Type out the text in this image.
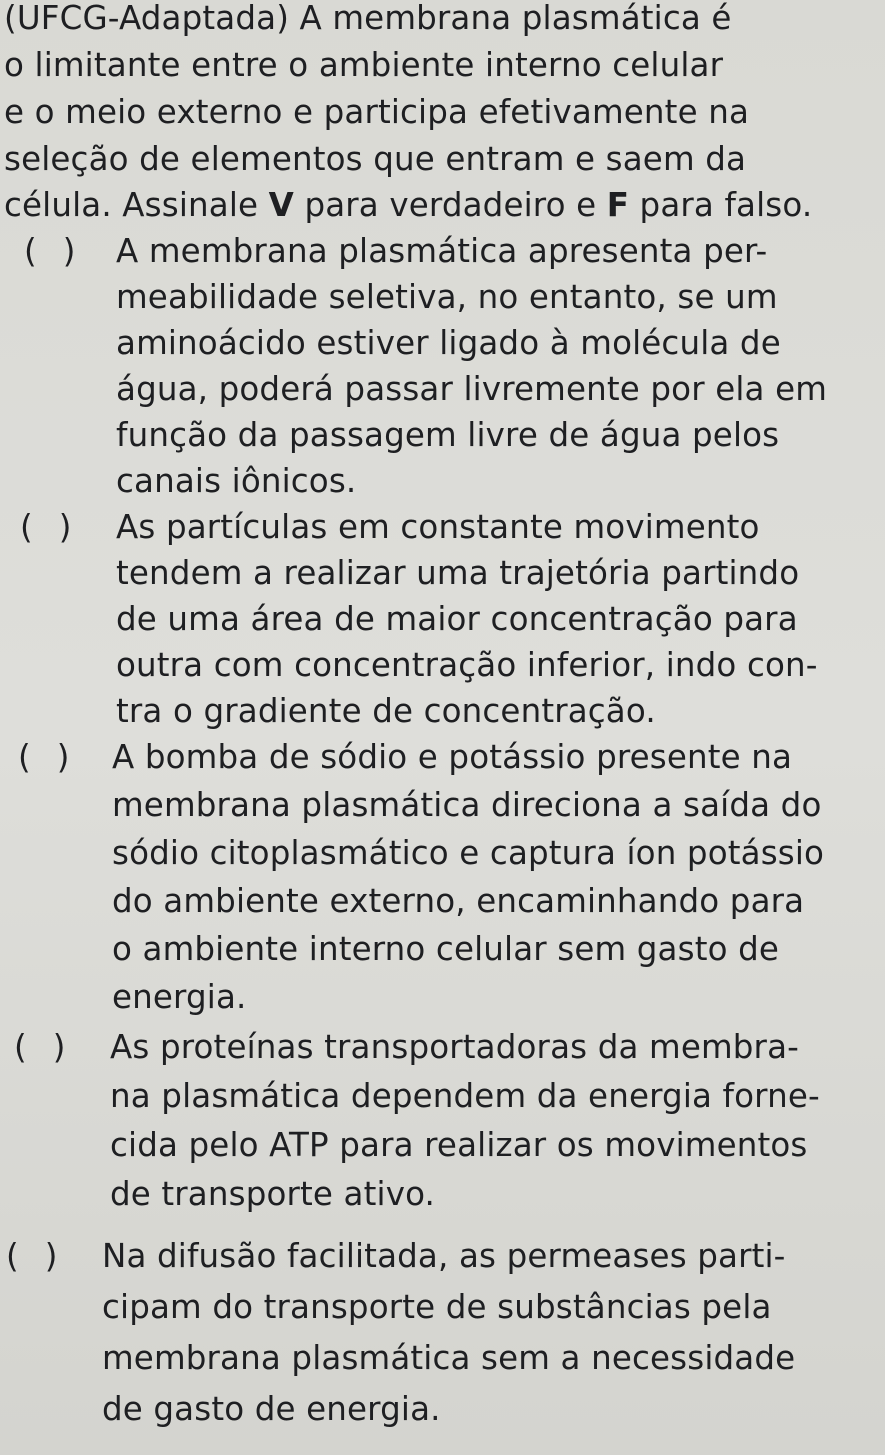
(UFCG-Adaptada) A membrana plasmática é
o limitante entre o ambiente interno celular
e o meio externo e participa efetivamente na
seleção de elementos que entram e saem da
célula. Assinale V para verdadeiro e F para falso.
( ) A membrana plasmática apresenta per-
meabilidade seletiva, no entanto, se um
aminoácido estiver ligado à molécula de
água, poderá passar livremente por ela em
função da passagem livre de água pelos
canais iônicos.
( ) As partículas em constante movimento
tendem a realizar uma trajetória partindo
de uma área de maior concentração para
outra com concentração inferior, indo con-
tra o gradiente de concentração.
( ) A bomba de sódio e potássio presente na
membrana plasmática direciona a saída do
sódio citoplasmático e captura íon potássio
do ambiente externo, encaminhando para
o ambiente interno celular sem gasto de
energia.
( ) As proteínas transportadoras da membra-
na plasmática dependem da energia forne-
cida pelo ATP para realizar os movimentos
de transporte ativo.
( ) Na difusão facilitada, as permeases parti-
cipam do transporte de substâncias pela
membrana plasmática sem a necessidade
de gasto de energia.
